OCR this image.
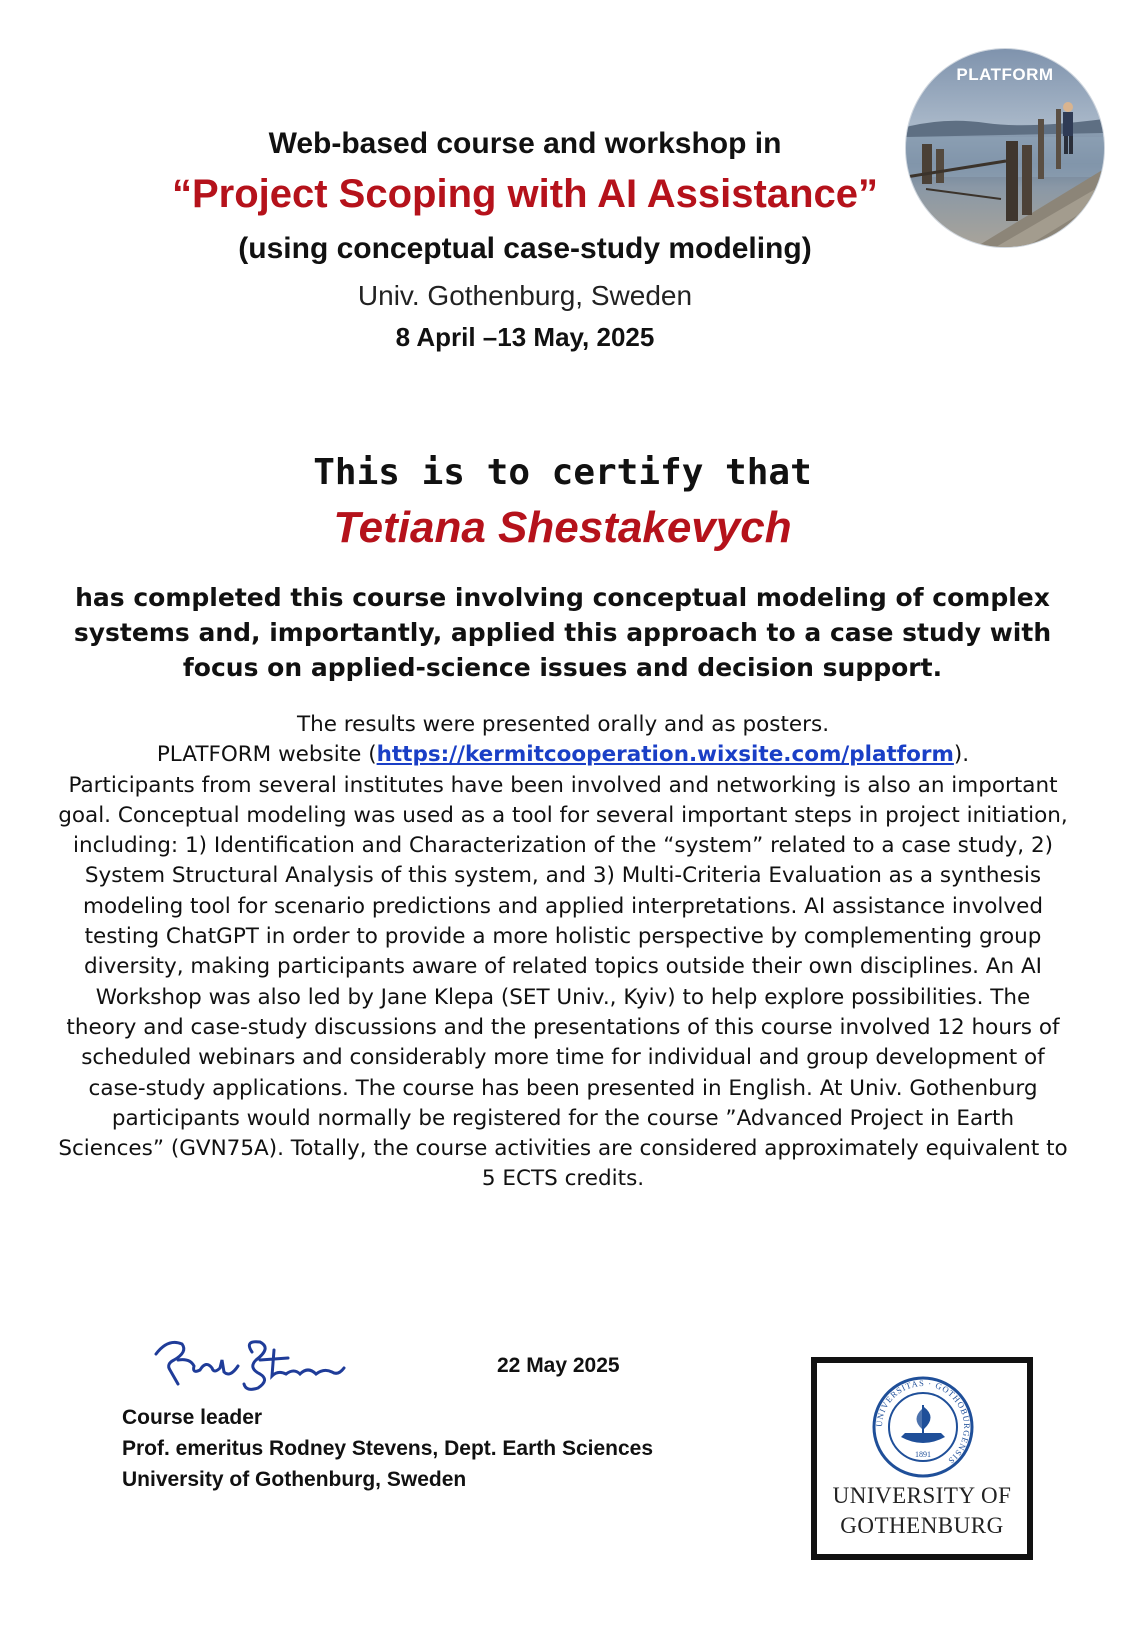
Web-based course and workshop in
“Project Scoping with AI Assistance”
(using conceptual case-study modeling)
Univ. Gothenburg, Sweden
8 April –13 May, 2025
PLATFORM
This is to certify that
Tetiana Shestakevych
has completed this course involving conceptual modeling of complex systems and, importantly, applied this approach to a case study with focus on applied-science issues and decision support.
The results were presented orally and as posters.
PLATFORM website (https://kermitcooperation.wixsite.com/platform).
Participants from several institutes have been involved and networking is also an important goal. Conceptual modeling was used as a tool for several important steps in project initiation, including: 1) Identification and Characterization of the “system” related to a case study, 2) System Structural Analysis of this system, and 3) Multi-Criteria Evaluation as a synthesis modeling tool for scenario predictions and applied interpretations. AI assistance involved testing ChatGPT in order to provide a more holistic perspective by complementing group diversity, making participants aware of related topics outside their own disciplines. An AI Workshop was also led by Jane Klepa (SET Univ., Kyiv) to help explore possibilities. The theory and case-study discussions and the presentations of this course involved 12 hours of scheduled webinars and considerably more time for individual and group development of case-study applications. The course has been presented in English. At Univ. Gothenburg participants would normally be registered for the course ”Advanced Project in Earth Sciences” (GVN75A). Totally, the course activities are considered approximately equivalent to 5 ECTS credits.
22 May 2025
Course leader
Prof. emeritus Rodney Stevens, Dept. Earth Sciences
University of Gothenburg, Sweden
UNIVERSITAS · GOTHOBURGENSIS
1891
UNIVERSITY OF
GOTHENBURG
